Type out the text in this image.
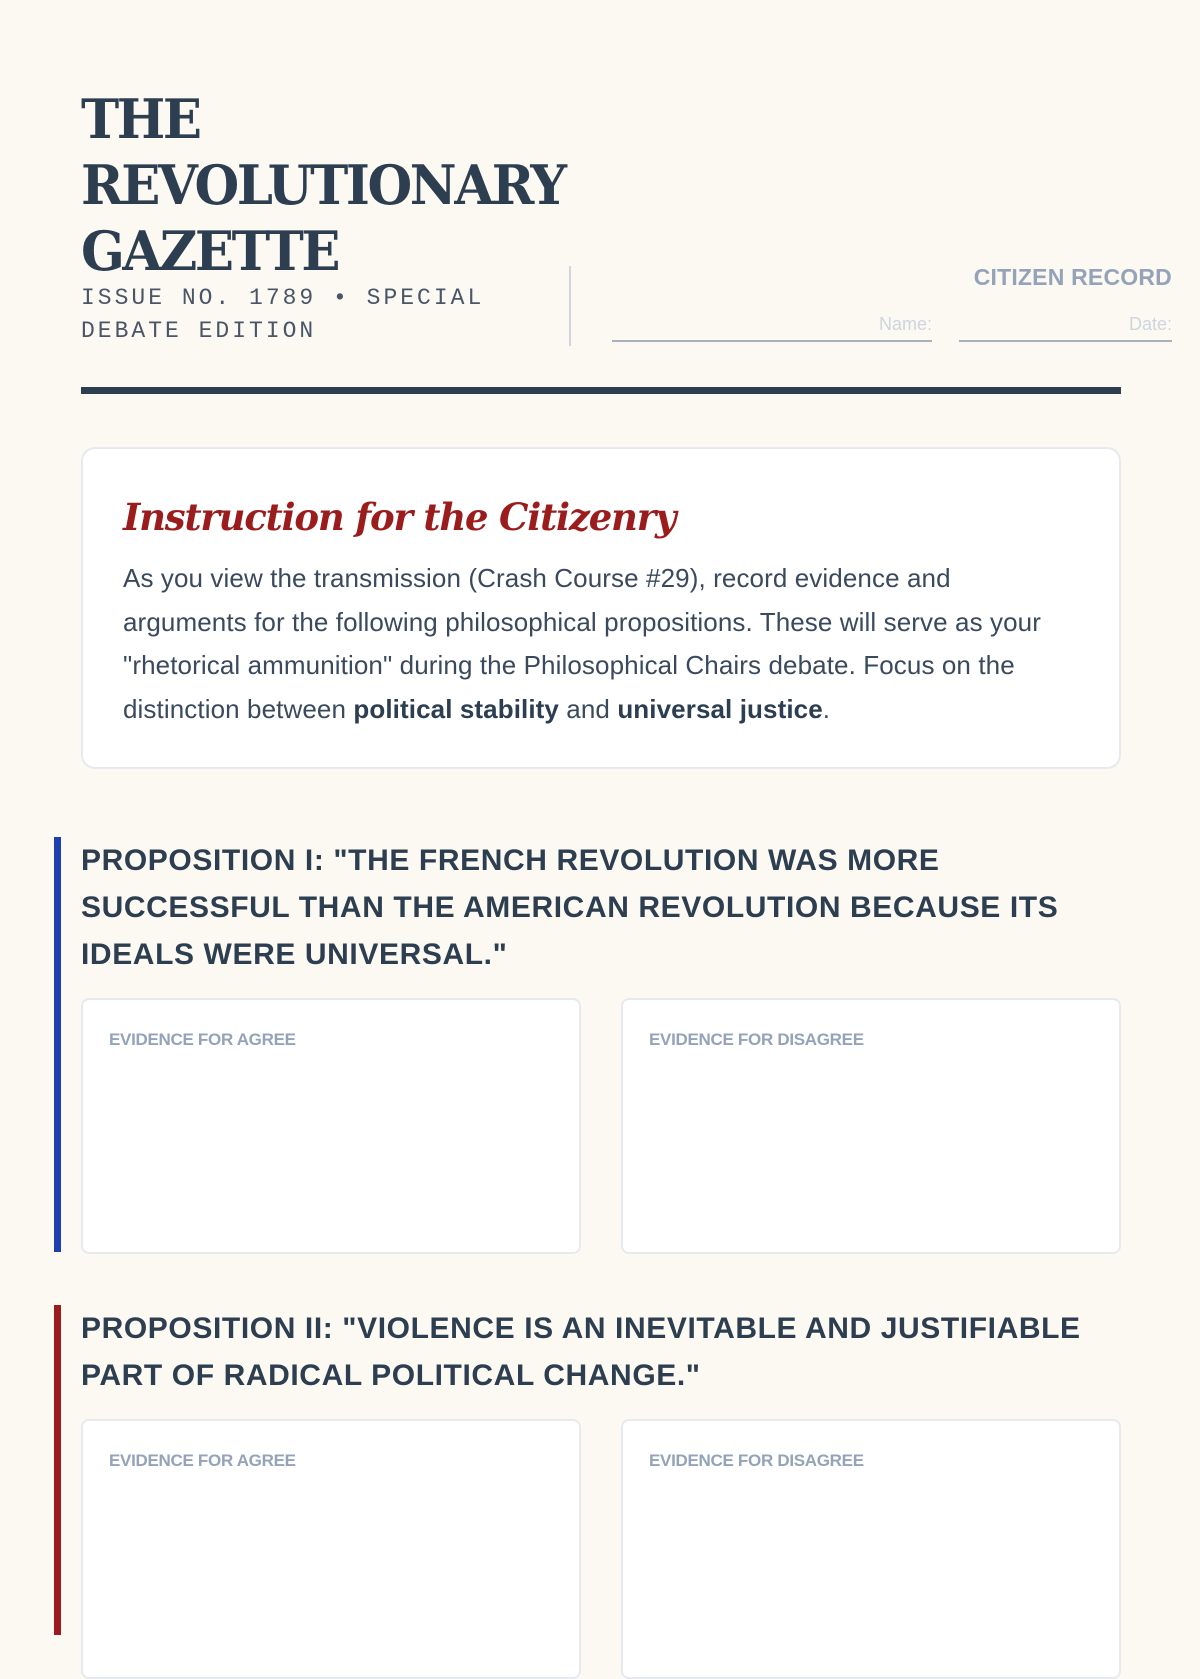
THE REVOLUTIONARY GAZETTE
ISSUE NO. 1789 • SPECIAL DEBATE EDITION
CITIZEN RECORD
Name:	Date:
Instruction for the Citizenry

As you view the transmission (Crash Course #29), record evidence and arguments for the following philosophical propositions. These will serve as your "rhetorical ammunition" during the Philosophical Chairs debate. Focus on the distinction between political stability and universal justice.

PROPOSITION I: "THE FRENCH REVOLUTION WAS MORE SUCCESSFUL THAN THE AMERICAN REVOLUTION BECAUSE ITS IDEALS WERE UNIVERSAL."
EVIDENCE FOR AGREE	EVIDENCE FOR DISAGREE
PROPOSITION II: "VIOLENCE IS AN INEVITABLE AND JUSTIFIABLE PART OF RADICAL POLITICAL CHANGE."
EVIDENCE FOR AGREE	EVIDENCE FOR DISAGREE
